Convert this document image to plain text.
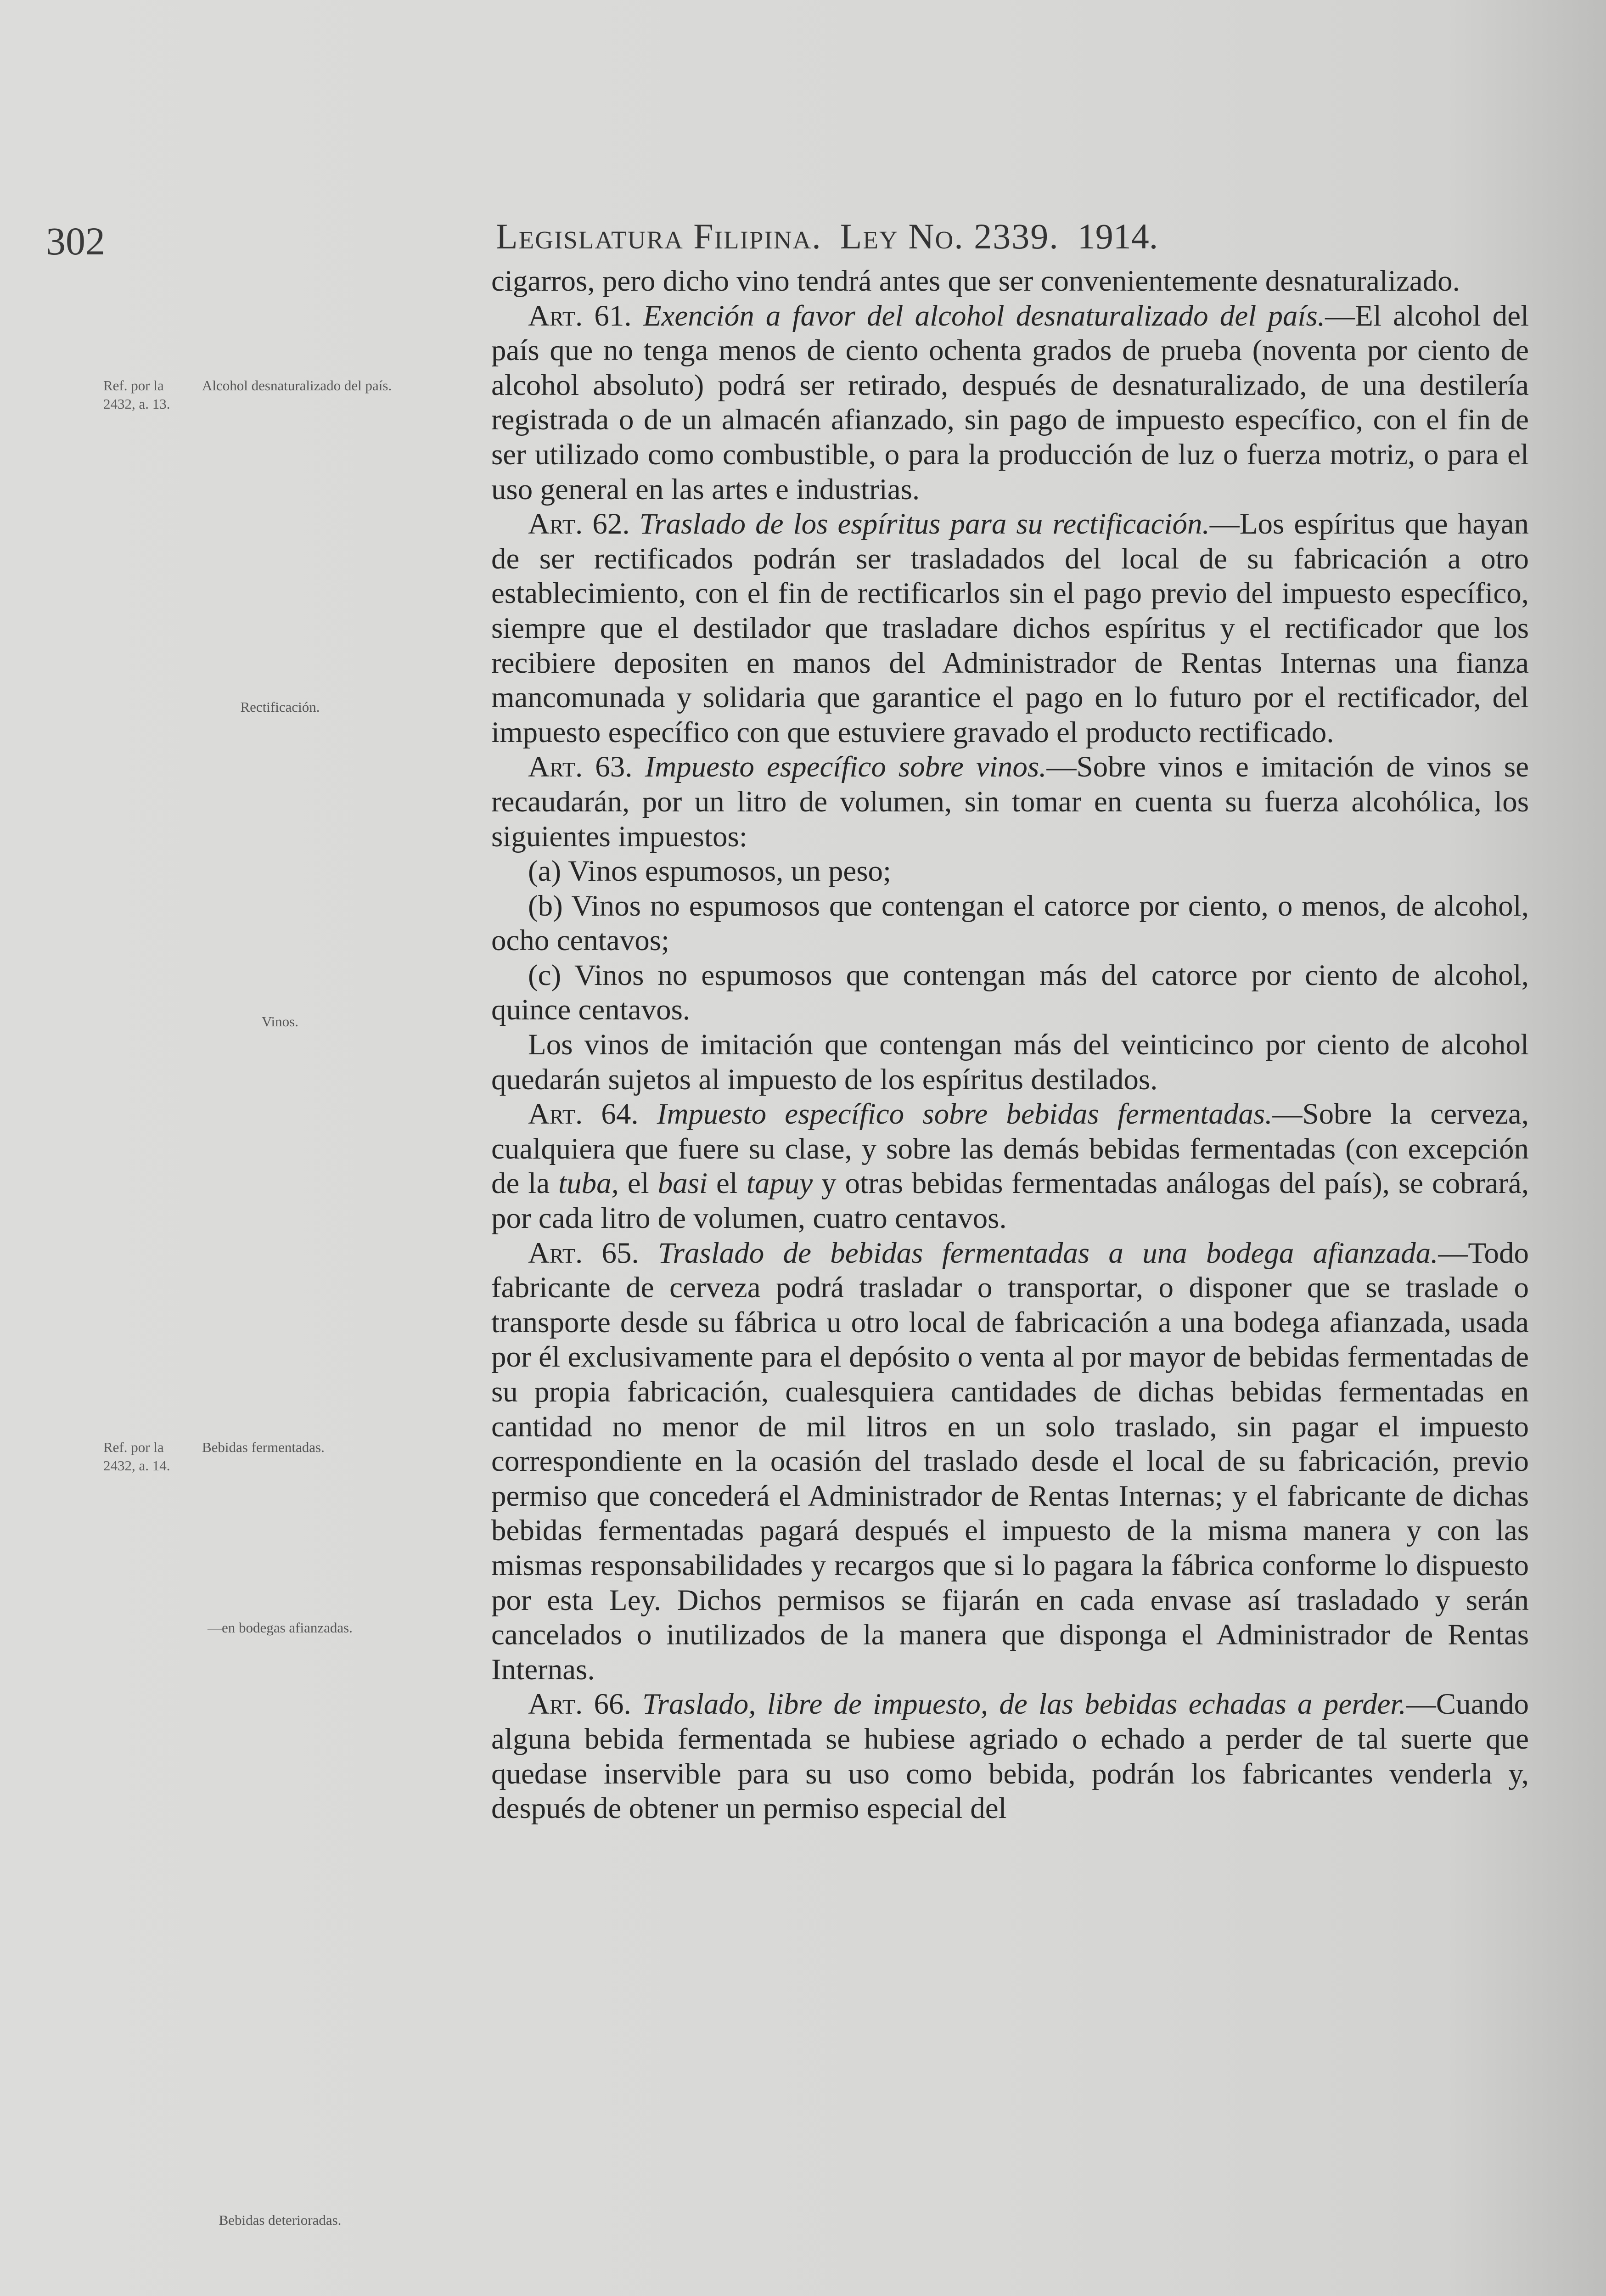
302	Legislatura Filipina. Ley No. 2339. 1914.
Ref. por la 2432, a. 13.
Alcohol desnaturalizado del país.
Rectificación.
Vinos.
Ref. por la 2432, a. 14.
Bebidas fermentadas.
—en bodegas afianzadas.
Bebidas deterioradas.

cigarros, pero dicho vino tendrá antes que ser convenientemente desnaturalizado.

Art. 61. Exención a favor del alcohol desnaturalizado del país.—El alcohol del país que no tenga menos de ciento ochenta grados de prueba (noventa por ciento de alcohol absoluto) podrá ser retirado, después de desnaturalizado, de una destilería registrada o de un almacén afianzado, sin pago de impuesto específico, con el fin de ser utilizado como combustible, o para la producción de luz o fuerza motriz, o para el uso general en las artes e industrias.

Art. 62. Traslado de los espíritus para su rectificación.—Los espíritus que hayan de ser rectificados podrán ser trasladados del local de su fabricación a otro establecimiento, con el fin de rectificarlos sin el pago previo del impuesto específico, siempre que el destilador que trasladare dichos espíritus y el rectificador que los recibiere depositen en manos del Administrador de Rentas Internas una fianza mancomunada y solidaria que garantice el pago en lo futuro por el rectificador, del impuesto específico con que estuviere gravado el producto rectificado.

Art. 63. Impuesto específico sobre vinos.—Sobre vinos e imitación de vinos se recaudarán, por un litro de volumen, sin tomar en cuenta su fuerza alcohólica, los siguientes impuestos:

(a) Vinos espumosos, un peso;

(b) Vinos no espumosos que contengan el catorce por ciento, o menos, de alcohol, ocho centavos;

(c) Vinos no espumosos que contengan más del catorce por ciento de alcohol, quince centavos.

Los vinos de imitación que contengan más del veinticinco por ciento de alcohol quedarán sujetos al impuesto de los espíritus destilados.

Art. 64. Impuesto específico sobre bebidas fermentadas.—Sobre la cerveza, cualquiera que fuere su clase, y sobre las demás bebidas fermentadas (con excepción de la tuba, el basi el tapuy y otras bebidas fermentadas análogas del país), se cobrará, por cada litro de volumen, cuatro centavos.

Art. 65. Traslado de bebidas fermentadas a una bodega afianzada.—Todo fabricante de cerveza podrá trasladar o transportar, o disponer que se traslade o transporte desde su fábrica u otro local de fabricación a una bodega afianzada, usada por él exclusivamente para el depósito o venta al por mayor de bebidas fermentadas de su propia fabricación, cualesquiera cantidades de dichas bebidas fermentadas en cantidad no menor de mil litros en un solo traslado, sin pagar el impuesto correspondiente en la ocasión del traslado desde el local de su fabricación, previo permiso que concederá el Administrador de Rentas Internas; y el fabricante de dichas bebidas fermentadas pagará después el impuesto de la misma manera y con las mismas responsabilidades y recargos que si lo pagara la fábrica conforme lo dispuesto por esta Ley. Dichos permisos se fijarán en cada envase así trasladado y serán cancelados o inutilizados de la manera que disponga el Administrador de Rentas Internas.

Art. 66. Traslado, libre de impuesto, de las bebidas echadas a perder.—Cuando alguna bebida fermentada se hubiese agriado o echado a perder de tal suerte que quedase inservible para su uso como bebida, podrán los fabricantes venderla y, después de obtener un permiso especial del
